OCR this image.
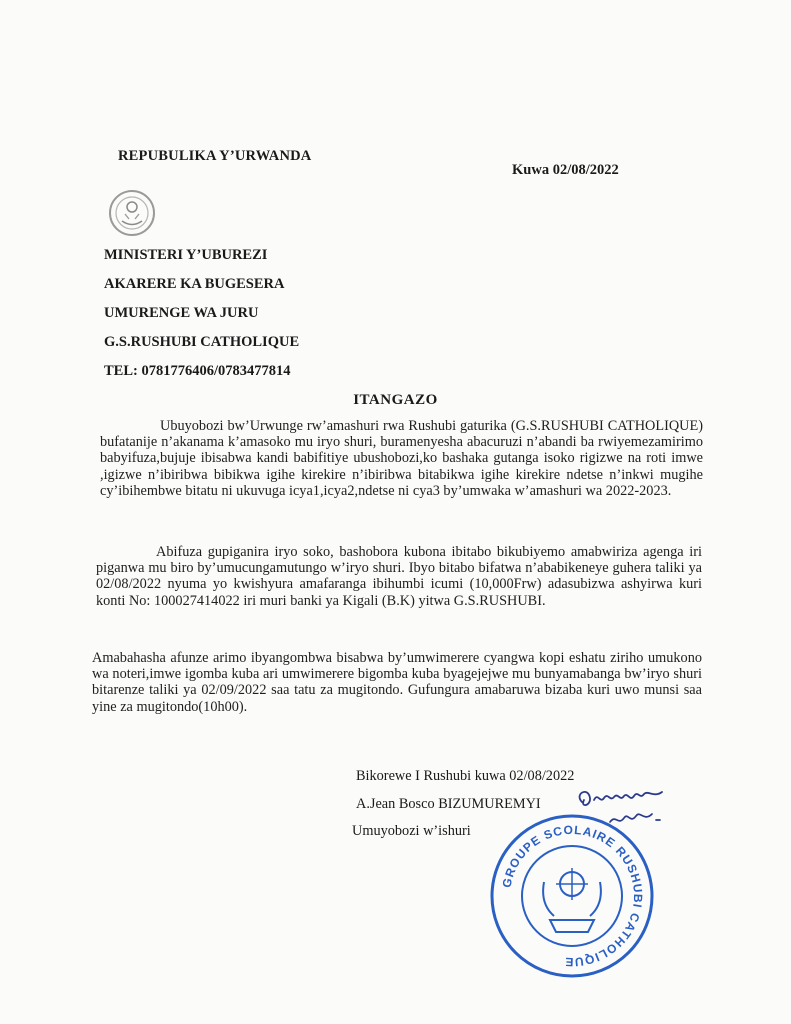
REPUBULIKA Y’URWANDA
Kuwa 02/08/2022
MINISTERI Y’UBUREZI
AKARERE KA BUGESERA
UMURENGE WA JURU
G.S.RUSHUBI CATHOLIQUE
TEL: 0781776406/0783477814
ITANGAZO
Ubuyobozi bw’Urwunge rw’amashuri rwa Rushubi gaturika (G.S.RUSHUBI CATHOLIQUE) bufatanije n’akanama k’amasoko mu iryo shuri, buramenyesha abacuruzi n’abandi ba rwiyemezamirimo babyifuza,bujuje ibisabwa kandi babifitiye ubushobozi,ko bashaka gutanga isoko rigizwe na roti imwe ,igizwe n’ibiribwa bibikwa igihe kirekire n’ibiribwa bitabikwa igihe kirekire ndetse n’inkwi mugihe cy’ibihembwe bitatu ni ukuvuga icya1,icya2,ndetse ni cya3 by’umwaka w’amashuri wa 2022-2023.
Abifuza gupiganira iryo soko, bashobora kubona ibitabo bikubiyemo amabwiriza agenga iri piganwa mu biro by’umucungamutungo w’iryo shuri. Ibyo bitabo bifatwa n’ababikeneye guhera taliki ya 02/08/2022 nyuma yo kwishyura amafaranga ibihumbi icumi (10,000Frw) adasubizwa ashyirwa kuri konti No: 100027414022 iri muri banki ya Kigali (B.K) yitwa G.S.RUSHUBI.
Amabahasha afunze arimo ibyangombwa bisabwa by’umwimerere cyangwa kopi eshatu ziriho umukono wa noteri,imwe igomba kuba ari umwimerere bigomba kuba byagejejwe mu bunyamabanga bw’iryo shuri bitarenze taliki ya 02/09/2022 saa tatu za mugitondo. Gufungura amabaruwa bizaba kuri uwo munsi saa yine za mugitondo(10h00).
Bikorewe I Rushubi kuwa 02/08/2022
A.Jean Bosco BIZUMUREMYI
Umuyobozi w’ishuri
GROUPE SCOLAIRE RUSHUBI CATHOLIQUE
